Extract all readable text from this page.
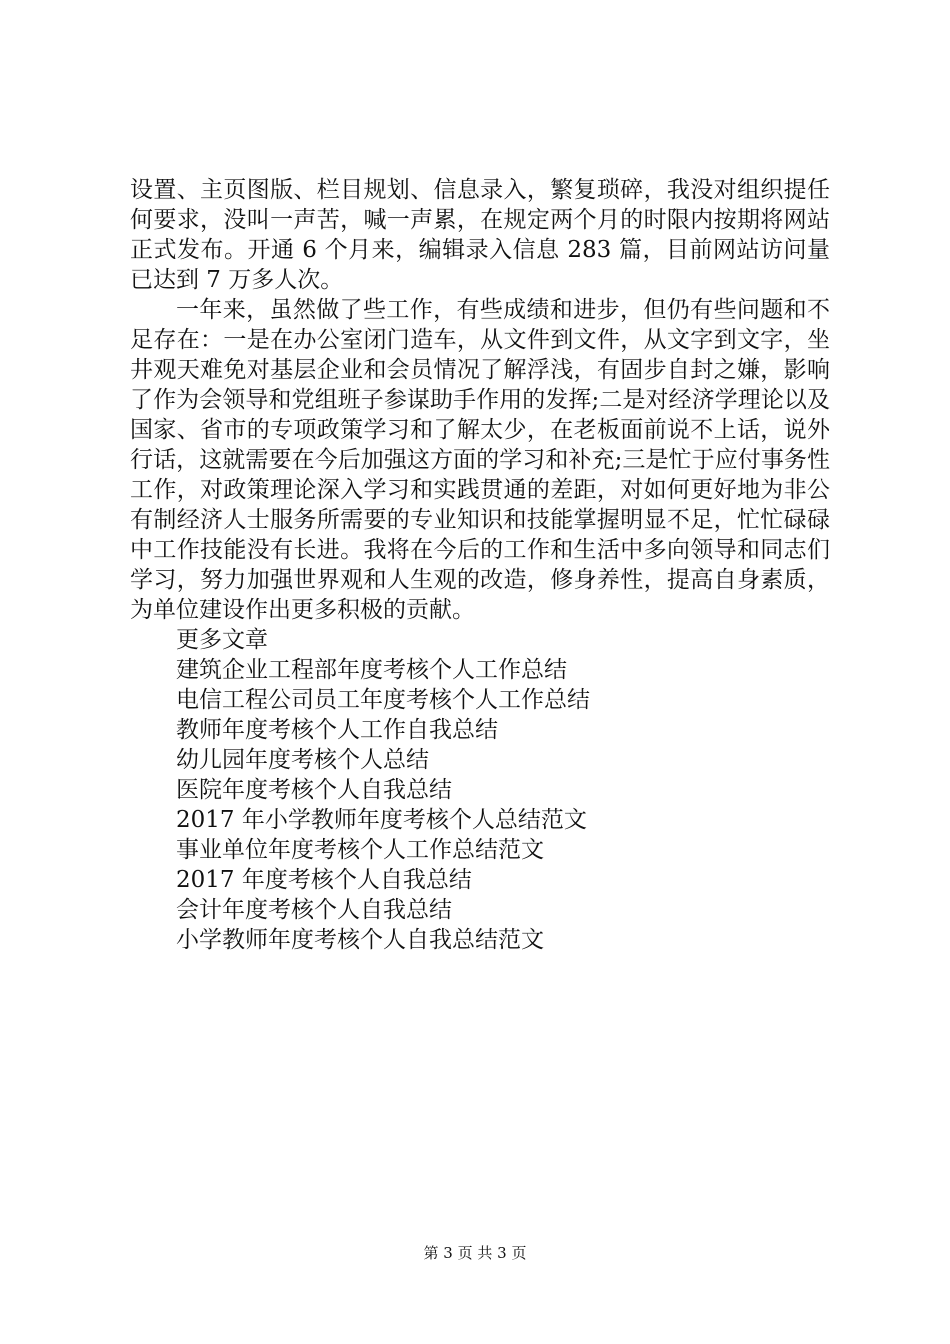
设置、主页图版、栏目规划、信息录入，繁复琐碎，我没对组织提任何要求，没叫一声苦，喊一声累，在规定两个月的时限内按期将网站正式发布。开通 6 个月来，编辑录入信息 283 篇，目前网站访问量已达到 7 万多人次。

一年来，虽然做了些工作，有些成绩和进步，但仍有些问题和不足存在：一是在办公室闭门造车，从文件到文件，从文字到文字，坐井观天难免对基层企业和会员情况了解浮浅，有固步自封之嫌，影响了作为会领导和党组班子参谋助手作用的发挥;二是对经济学理论以及国家、省市的专项政策学习和了解太少，在老板面前说不上话，说外行话，这就需要在今后加强这方面的学习和补充;三是忙于应付事务性工作，对政策理论深入学习和实践贯通的差距，对如何更好地为非公有制经济人士服务所需要的专业知识和技能掌握明显不足，忙忙碌碌中工作技能没有长进。我将在今后的工作和生活中多向领导和同志们学习，努力加强世界观和人生观的改造，修身养性，提高自身素质，为单位建设作出更多积极的贡献。

更多文章

建筑企业工程部年度考核个人工作总结
电信工程公司员工年度考核个人工作总结
教师年度考核个人工作自我总结
幼儿园年度考核个人总结
医院年度考核个人自我总结
2017 年小学教师年度考核个人总结范文
事业单位年度考核个人工作总结范文
2017 年度考核个人自我总结
会计年度考核个人自我总结
小学教师年度考核个人自我总结范文
第 3 页 共 3 页
